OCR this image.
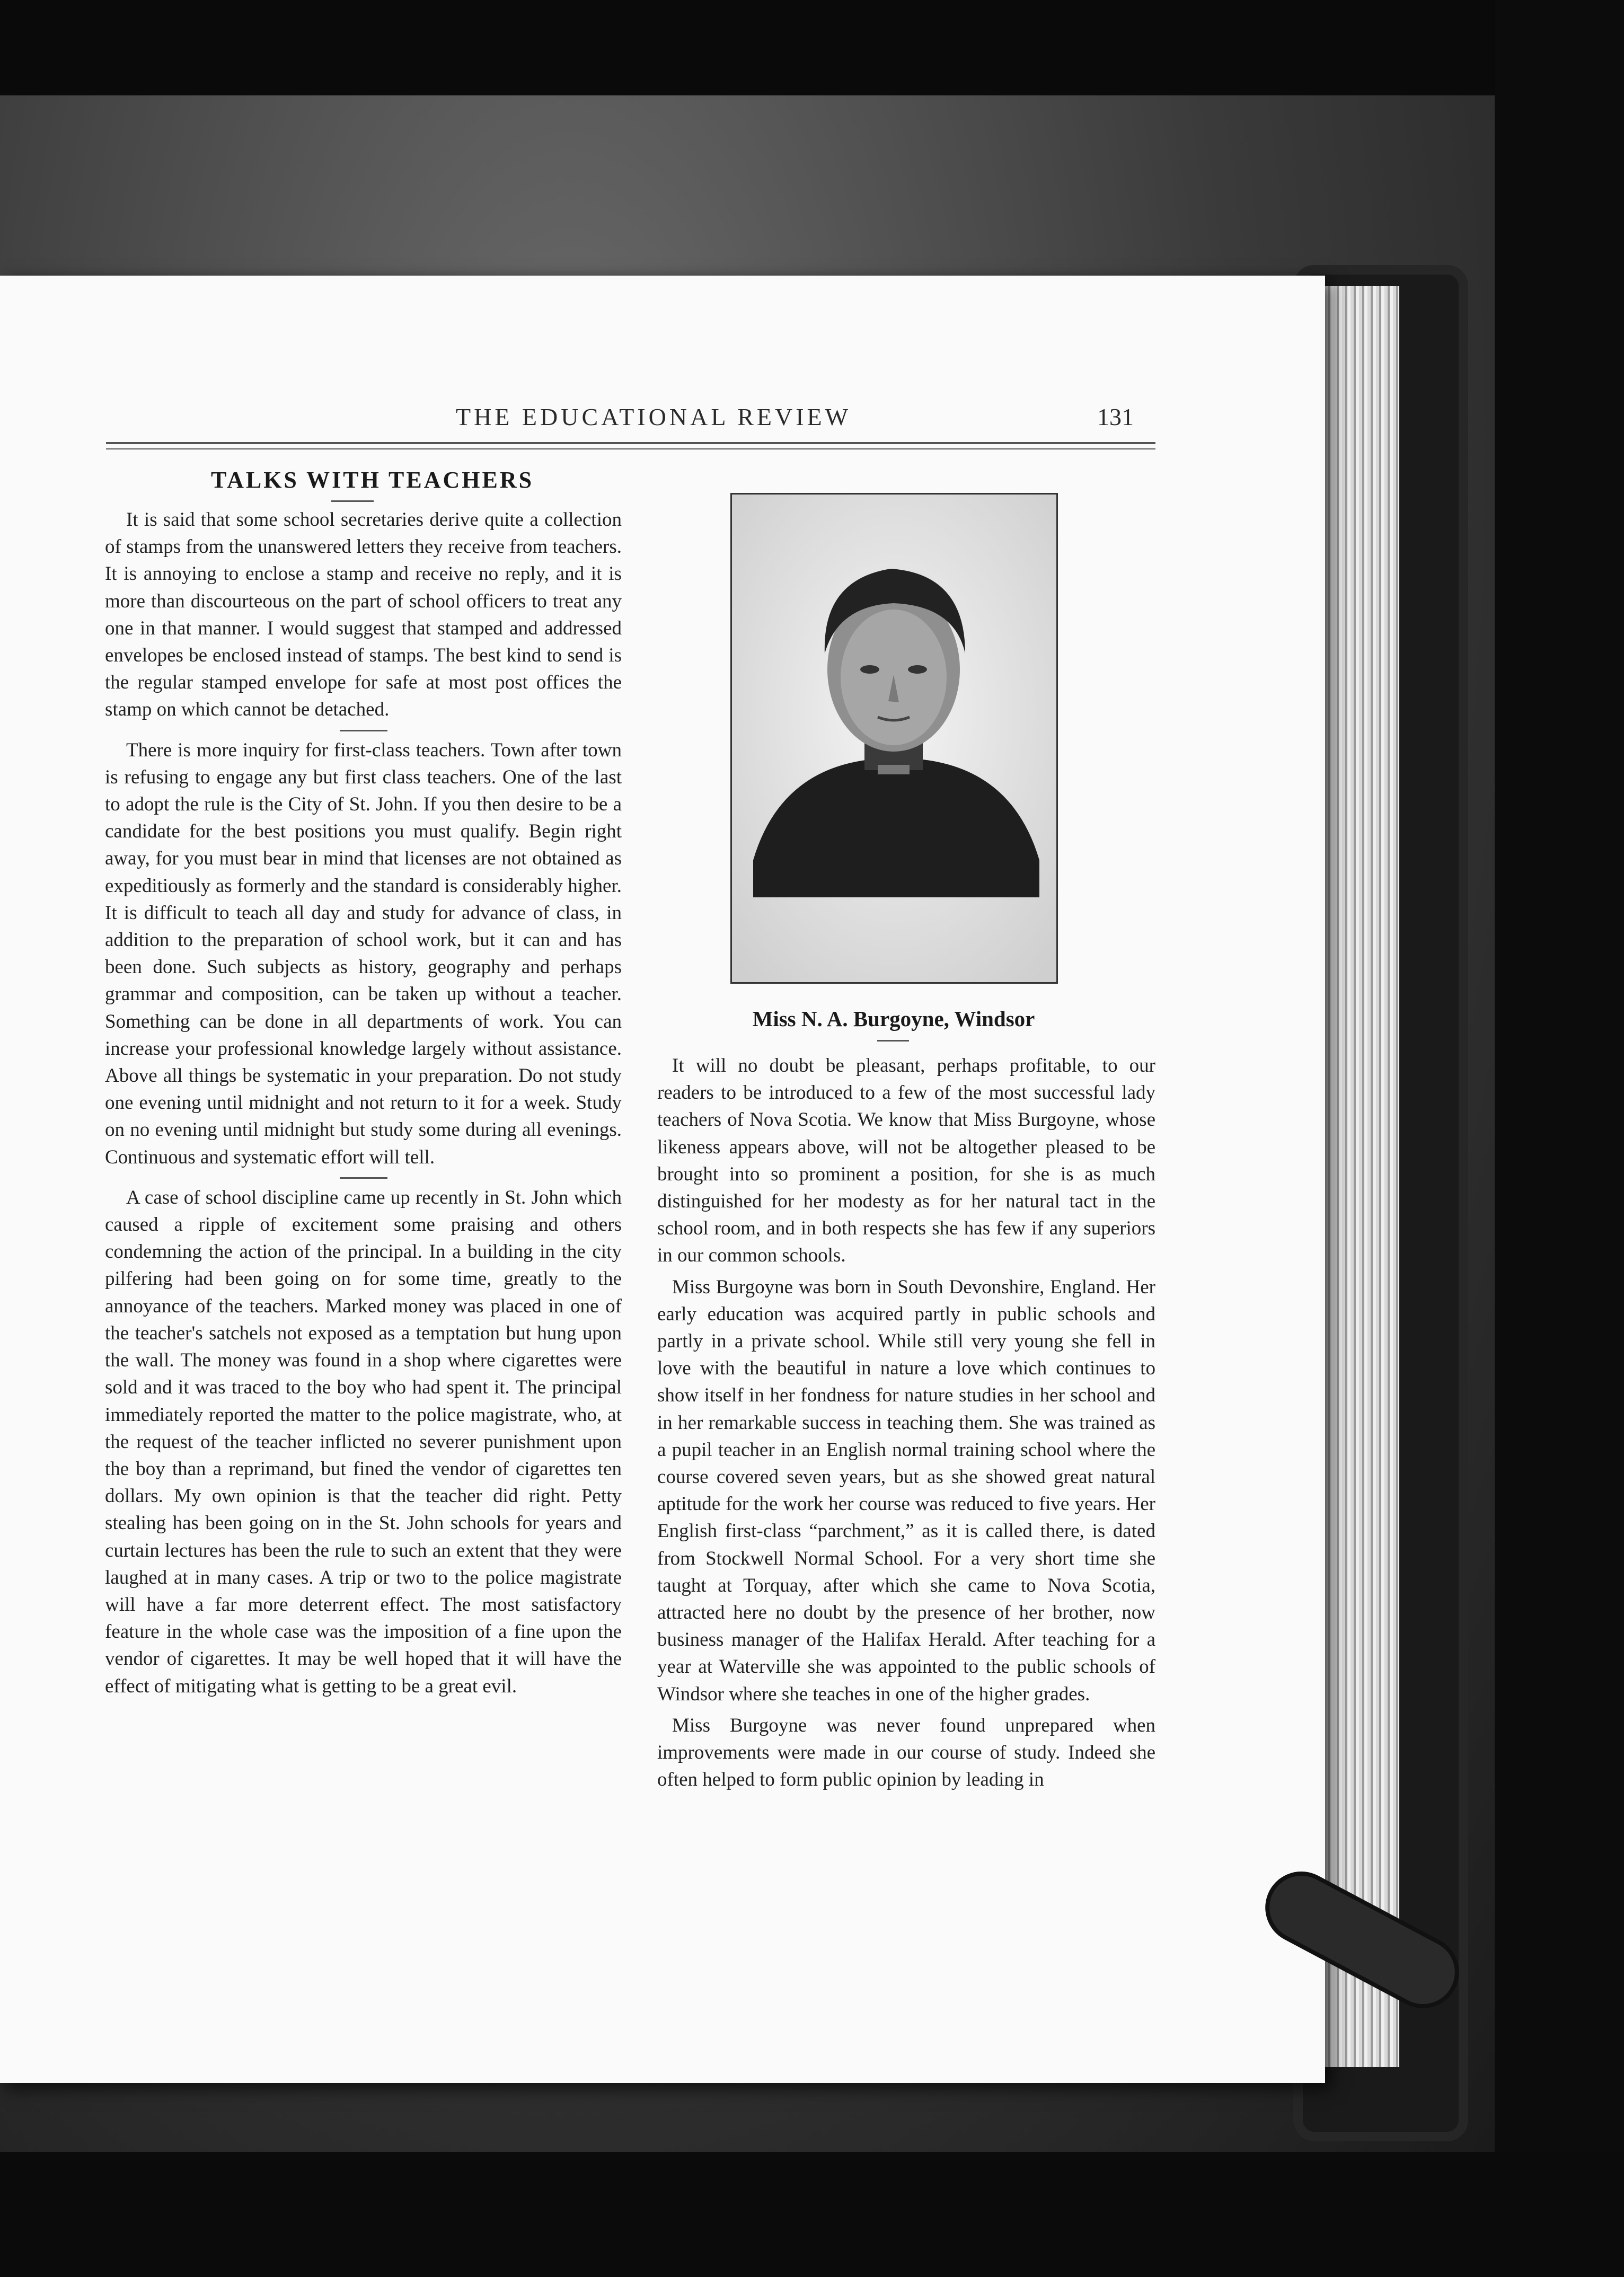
THE EDUCATIONAL REVIEW	131
TALKS WITH TEACHERS

It is said that some school secretaries derive quite a collection of stamps from the unanswered letters they receive from teachers. It is annoying to enclose a stamp and receive no reply, and it is more than discourteous on the part of school officers to treat any one in that manner. I would suggest that stamped and addressed envelopes be enclosed instead of stamps. The best kind to send is the regular stamped envelope for safe at most post offices the stamp on which cannot be detached.

There is more inquiry for first-class teachers. Town after town is refusing to engage any but first class teachers. One of the last to adopt the rule is the City of St. John. If you then desire to be a candidate for the best positions you must qualify. Begin right away, for you must bear in mind that licenses are not obtained as expeditiously as formerly and the standard is considerably higher. It is difficult to teach all day and study for advance of class, in addition to the preparation of school work, but it can and has been done. Such subjects as history, geography and perhaps grammar and composition, can be taken up without a teacher. Something can be done in all departments of work. You can increase your professional knowledge largely without assistance. Above all things be systematic in your preparation. Do not study one evening until midnight and not return to it for a week. Study on no evening until midnight but study some during all evenings. Continuous and systematic effort will tell.

A case of school discipline came up recently in St. John which caused a ripple of excitement some praising and others condemning the action of the principal. In a building in the city pilfering had been going on for some time, greatly to the annoyance of the teachers. Marked money was placed in one of the teacher's satchels not exposed as a temptation but hung upon the wall. The money was found in a shop where cigarettes were sold and it was traced to the boy who had spent it. The principal immediately reported the matter to the police magistrate, who, at the request of the teacher inflicted no severer punishment upon the boy than a reprimand, but fined the vendor of cigarettes ten dollars. My own opinion is that the teacher did right. Petty stealing has been going on in the St. John schools for years and curtain lectures has been the rule to such an extent that they were laughed at in many cases. A trip or two to the police magistrate will have a far more deterrent effect. The most satisfactory feature in the whole case was the imposition of a fine upon the vendor of cigarettes. It may be well hoped that it will have the effect of mitigating what is getting to be a great evil.

Miss N. A. Burgoyne, Windsor

It will no doubt be pleasant, perhaps profitable, to our readers to be introduced to a few of the most successful lady teachers of Nova Scotia. We know that Miss Burgoyne, whose likeness appears above, will not be altogether pleased to be brought into so prominent a position, for she is as much distinguished for her modesty as for her natural tact in the school room, and in both respects she has few if any superiors in our common schools.

Miss Burgoyne was born in South Devonshire, England. Her early education was acquired partly in public schools and partly in a private school. While still very young she fell in love with the beautiful in nature a love which continues to show itself in her fondness for nature studies in her school and in her remarkable success in teaching them. She was trained as a pupil teacher in an English normal training school where the course covered seven years, but as she showed great natural aptitude for the work her course was reduced to five years. Her English first-class “parchment,” as it is called there, is dated from Stockwell Normal School. For a very short time she taught at Torquay, after which she came to Nova Scotia, attracted here no doubt by the presence of her brother, now business manager of the Halifax Herald. After teaching for a year at Waterville she was appointed to the public schools of Windsor where she teaches in one of the higher grades.

Miss Burgoyne was never found unprepared when improvements were made in our course of study. Indeed she often helped to form public opinion by leading in
